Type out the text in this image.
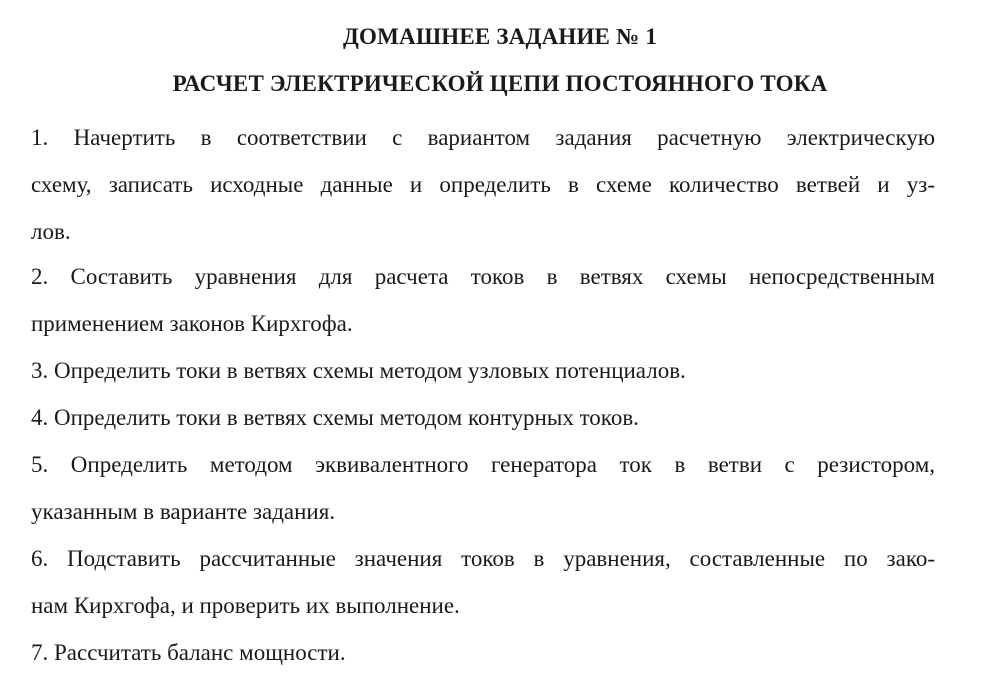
ДОМАШНЕЕ ЗАДАНИЕ № 1
РАСЧЕТ ЭЛЕКТРИЧЕСКОЙ ЦЕПИ ПОСТОЯННОГО ТОКА
1. Начертить в соответствии с вариантом задания расчетную электрическую
схему, записать исходные данные и определить в схеме количество ветвей и уз-
лов.
2. Составить уравнения для расчета токов в ветвях схемы непосредственным
применением законов Кирхгофа.
3. Определить токи в ветвях схемы методом узловых потенциалов.
4. Определить токи в ветвях схемы методом контурных токов.
5. Определить методом эквивалентного генератора ток в ветви с резистором,
указанным в варианте задания.
6. Подставить рассчитанные значения токов в уравнения, составленные по зако-
нам Кирхгофа, и проверить их выполнение.
7. Рассчитать баланс мощности.
